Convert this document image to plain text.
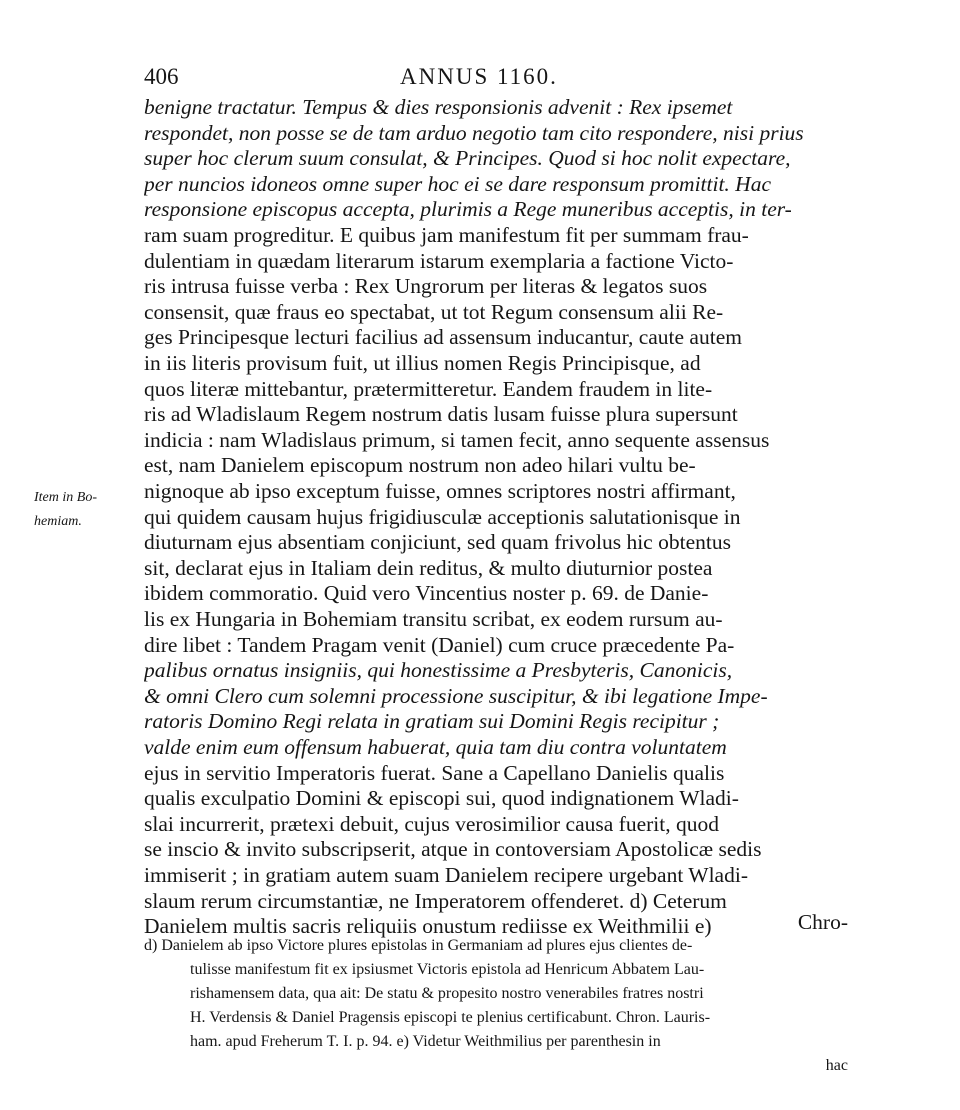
406	ANNUS 1160.
benigne tractatur. Tempus & dies responsionis advenit : Rex ipsemet
respondet, non posse se de tam arduo negotio tam cito respondere, nisi prius
super hoc clerum suum consulat, & Principes. Quod si hoc nolit expectare,
per nuncios idoneos omne super hoc ei se dare responsum promittit. Hac
responsione episcopus accepta, plurimis a Rege muneribus acceptis, in ter-
ram suam progreditur. E quibus jam manifestum fit per summam frau-
dulentiam in quædam literarum istarum exemplaria a factione Victo-
ris intrusa fuisse verba : Rex Ungrorum per literas & legatos suos
consensit, quæ fraus eo spectabat, ut tot Regum consensum alii Re-
ges Principesque lecturi facilius ad assensum inducantur, caute autem
in iis literis provisum fuit, ut illius nomen Regis Principisque, ad
quos literæ mittebantur, prætermitteretur. Eandem fraudem in lite-
ris ad Wladislaum Regem nostrum datis lusam fuisse plura supersunt
indicia : nam Wladislaus primum, si tamen fecit, anno sequente assensus
est, nam Danielem episcopum nostrum non adeo hilari vultu be-
nignoque ab ipso exceptum fuisse, omnes scriptores nostri affirmant,
qui quidem causam hujus frigidiusculæ acceptionis salutationisque in
diuturnam ejus absentiam conjiciunt, sed quam frivolus hic obtentus
sit, declarat ejus in Italiam dein reditus, & multo diuturnior postea
ibidem commoratio. Quid vero Vincentius noster p. 69. de Danie-
lis ex Hungaria in Bohemiam transitu scribat, ex eodem rursum au-
dire libet : Tandem Pragam venit (Daniel) cum cruce præcedente Pa-
palibus ornatus insigniis, qui honestissime a Presbyteris, Canonicis,
& omni Clero cum solemni processione suscipitur, & ibi legatione Impe-
ratoris Domino Regi relata in gratiam sui Domini Regis recipitur ;
valde enim eum offensum habuerat, quia tam diu contra voluntatem
ejus in servitio Imperatoris fuerat. Sane a Capellano Danielis qualis
qualis exculpatio Domini & episcopi sui, quod indignationem Wladi-
slai incurrerit, prætexi debuit, cujus verosimilior causa fuerit, quod
se inscio & invito subscripserit, atque in contoversiam Apostolicæ sedis
immiserit ; in gratiam autem suam Danielem recipere urgebant Wladi-
slaum rerum circumstantiæ, ne Imperatorem offenderet. d) Ceterum
Danielem multis sacris reliquiis onustum rediisse ex Weithmilii e)	Chro-
Item in Bo-
hemiam.
d) Danielem ab ipso Victore plures epistolas in Germaniam ad plures ejus clientes de-
tulisse manifestum fit ex ipsiusmet Victoris epistola ad Henricum Abbatem Lau-
rishamensem data, qua ait: De statu & propesito nostro venerabiles fratres nostri
H. Verdensis & Daniel Pragensis episcopi te plenius certificabunt. Chron. Lauris-
ham. apud Freherum T. I. p. 94. e) Videtur Weithmilius per parenthesin in
hac
